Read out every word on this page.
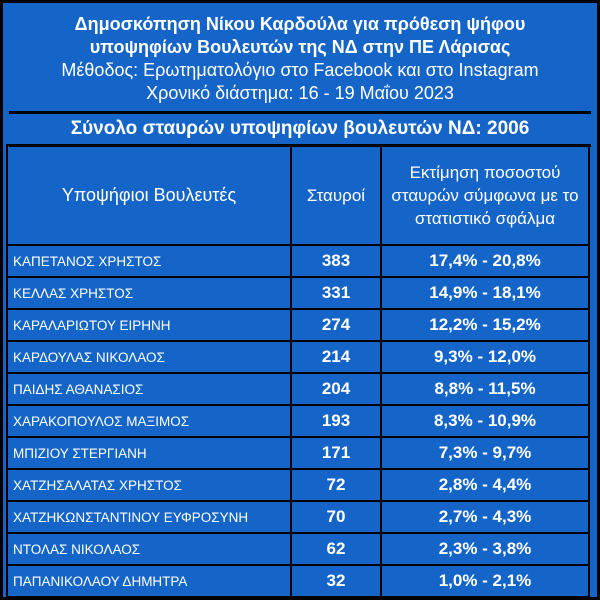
Δημοσκόπηση Νίκου Καρδούλα για πρόθεση ψήφου
υποψηφίων Βουλευτών της ΝΔ στην ΠΕ Λάρισας
Μέθοδος: Ερωτηματολόγιο στο Facebook και στο Instagram
Χρονικό διάστημα: 16 - 19 Μαΐου 2023
Σύνολο σταυρών υποψηφίων βουλευτών ΝΔ: 2006
Υποψήφιοι Βουλευτές	Σταυροί	Εκτίμηση ποσοστού σταυρών σύμφωνα με το στατιστικό σφάλμα
ΚΑΠΕΤΑΝΟΣ ΧΡΗΣΤΟΣ	383	17,4% - 20,8%
ΚΕΛΛΑΣ ΧΡΗΣΤΟΣ	331	14,9% - 18,1%
ΚΑΡΑΛΑΡΙΩΤΟΥ ΕΙΡΗΝΗ	274	12,2% - 15,2%
ΚΑΡΔΟΥΛΑΣ ΝΙΚΟΛΑΟΣ	214	9,3% - 12,0%
ΠΑΙΔΗΣ ΑΘΑΝΑΣΙΟΣ	204	8,8% - 11,5%
ΧΑΡΑΚΟΠΟΥΛΟΣ ΜΑΞΙΜΟΣ	193	8,3% - 10,9%
ΜΠΙΖΙΟΥ ΣΤΕΡΓΙΑΝΗ	171	7,3% - 9,7%
ΧΑΤΖΗΣΑΛΑΤΑΣ ΧΡΗΣΤΟΣ	72	2,8% - 4,4%
ΧΑΤΖΗΚΩΝΣΤΑΝΤΙΝΟΥ ΕΥΦΡΟΣΥΝΗ	70	2,7% - 4,3%
ΝΤΟΛΑΣ ΝΙΚΟΛΑΟΣ	62	2,3% - 3,8%
ΠΑΠΑΝΙΚΟΛΑΟΥ ΔΗΜΗΤΡΑ	32	1,0% - 2,1%
